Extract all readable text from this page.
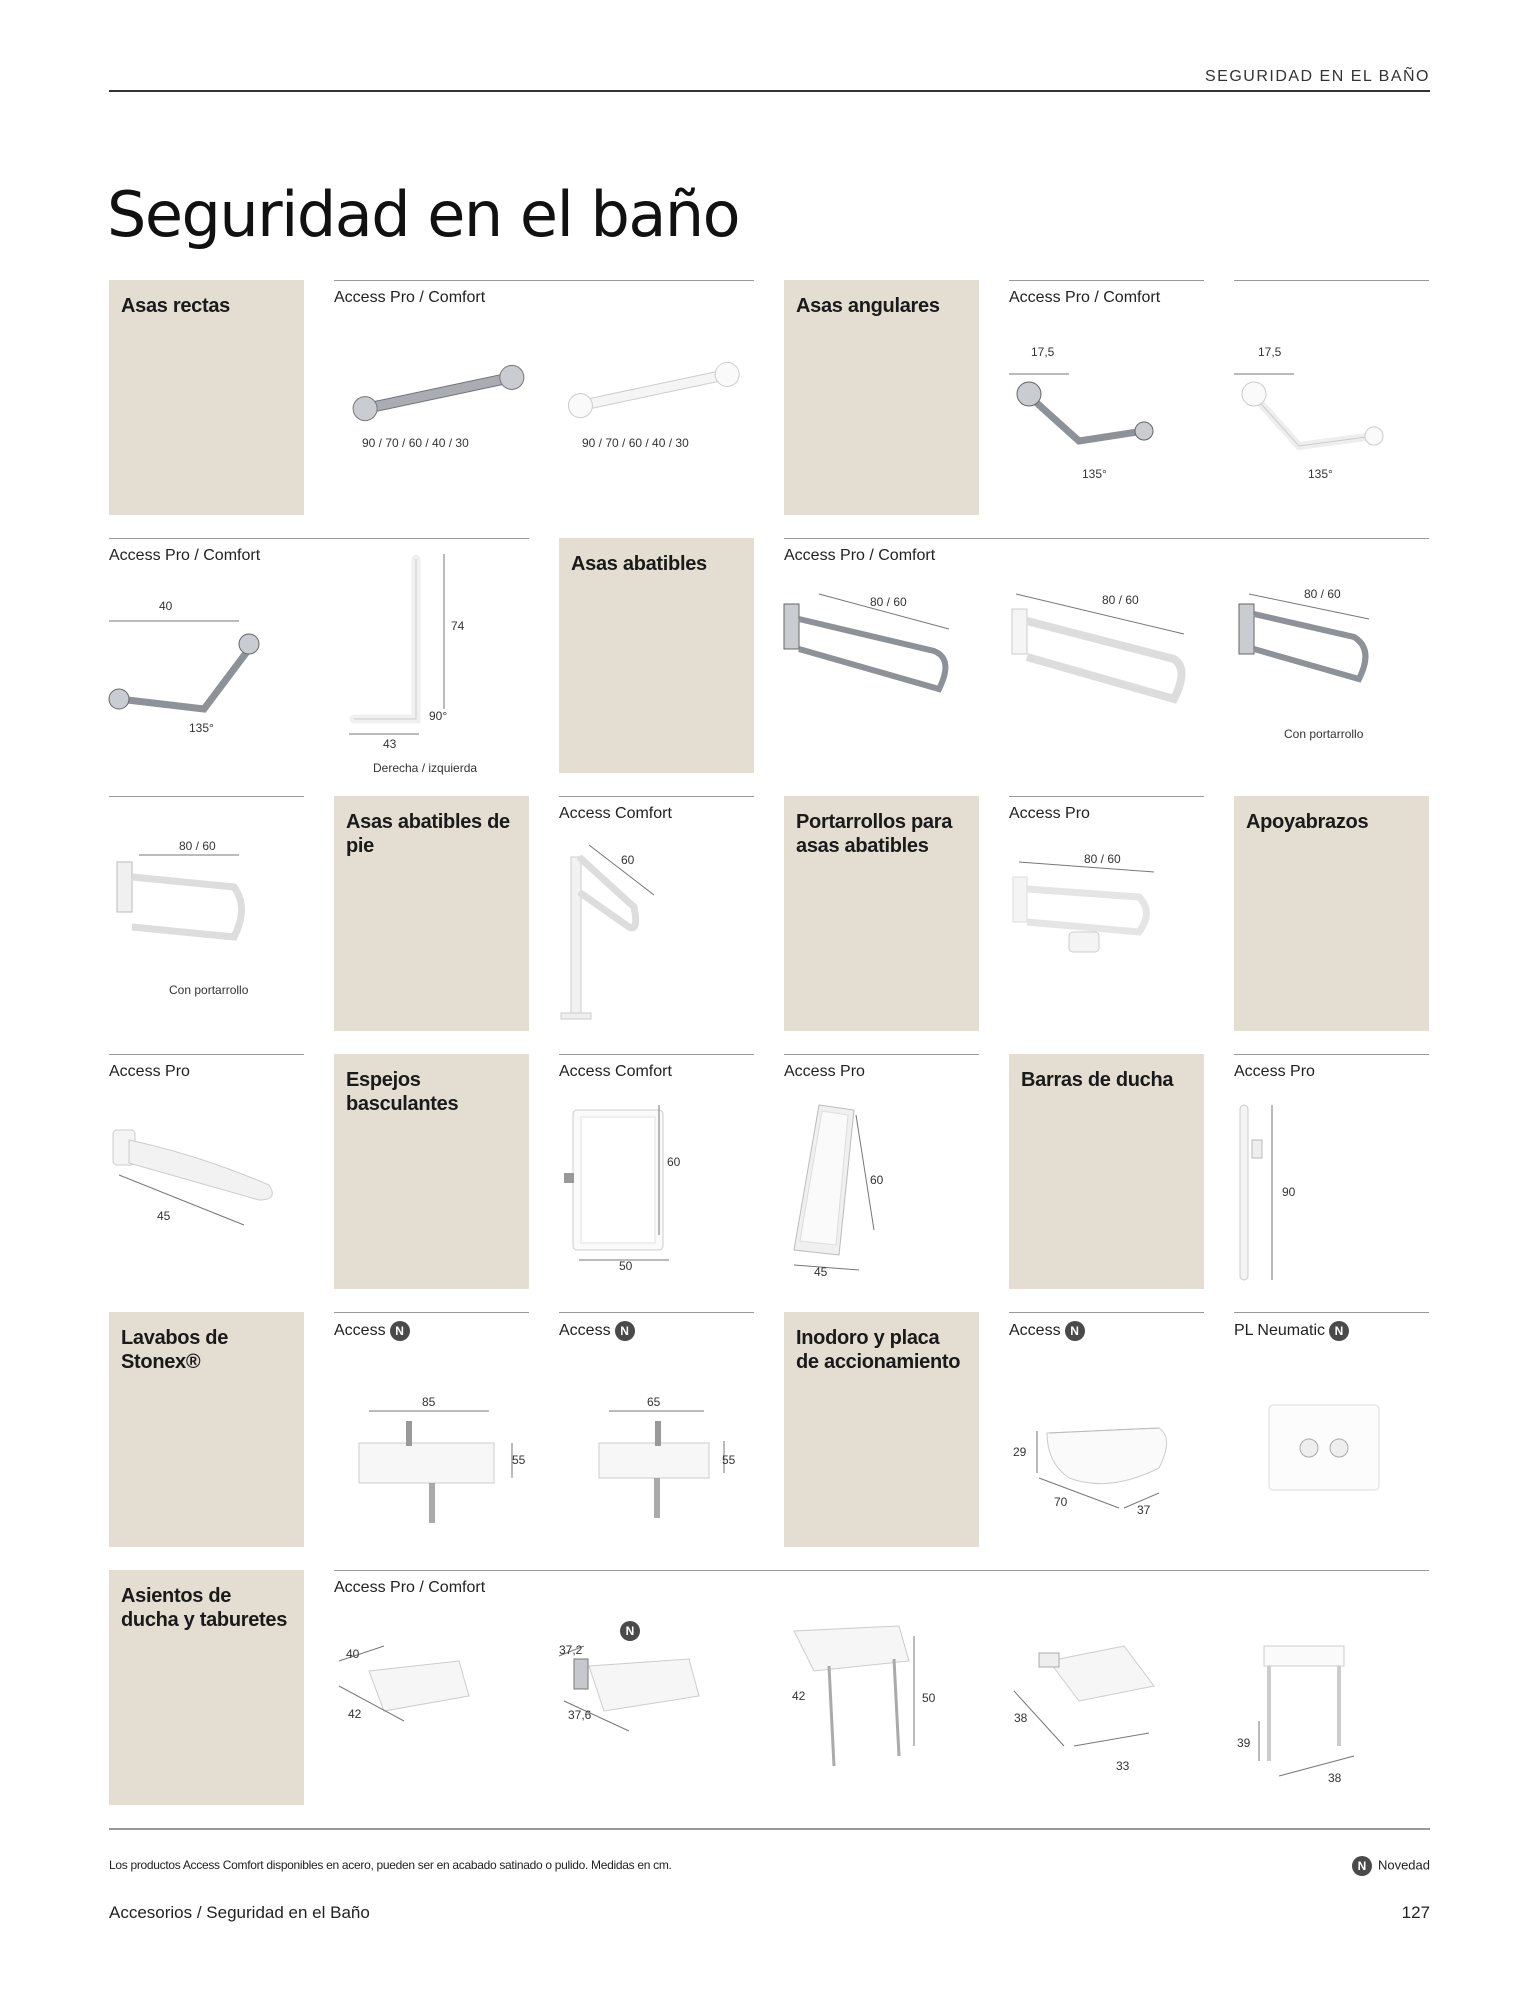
SEGURIDAD EN EL BAÑO
Seguridad en el baño
Asas rectas	Access Pro / Comfort
90 / 70 / 60 / 40 / 30	90 / 70 / 60 / 40 / 30
Asas angulares	Access Pro / Comfort
17,5
135°
17,5
135°
Access Pro / Comfort
40
135°
74
90°
43
Derecha / izquierda
Asas abatibles	Access Pro / Comfort
80 / 60	80 / 60	80 / 60
Con portarrollo
80 / 60
Con portarrollo
Asas abatibles de pie
Access Comfort
60
Portarrollos para asas abatibles
Access Pro
80 / 60
Apoyabrazos
Access Pro
45
Espejos basculantes
Access Comfort
60
50
Access Pro
60
45
Barras de ducha	Access Pro
90
Lavabos de Stonex®
Access N
85
55
Access N
65
55
Inodoro y placa de accionamiento
Access N
29
70
37
PL Neumatic N
Asientos de ducha y taburetes
Access Pro / Comfort
40
42
37,2
N
37,6
42	50
38
33
39
38
Los productos Access Comfort disponibles en acero, pueden ser en acabado satinado o pulido. Medidas en cm.	N Novedad
Accesorios / Seguridad en el Baño	127
